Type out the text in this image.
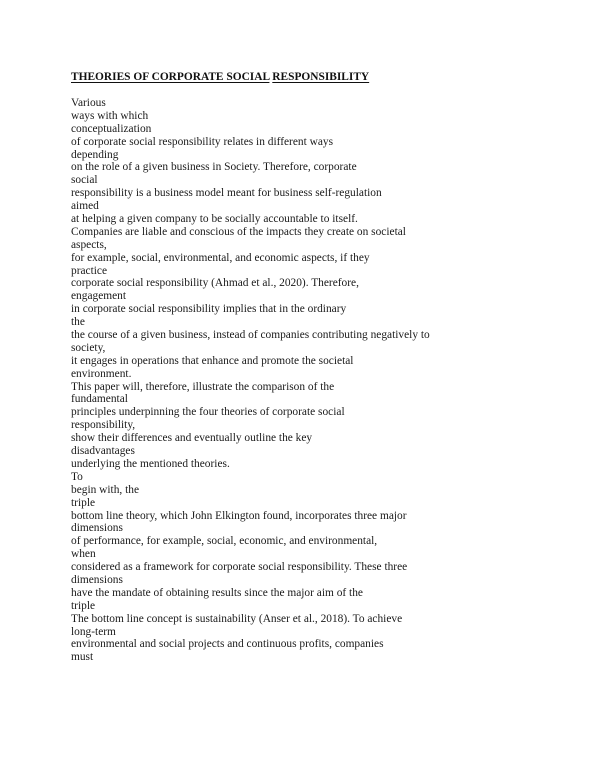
THEORIES OF CORPORATE SOCIAL RESPONSIBILITY
Various
ways with which
conceptualization
of corporate social responsibility relates in different ways
depending
on the role of a given business in Society. Therefore, corporate
social
responsibility is a business model meant for business self-regulation
aimed
at helping a given company to be socially accountable to itself.
Companies are liable and conscious of the impacts they create on societal
aspects,
for example, social, environmental, and economic aspects, if they
practice
corporate social responsibility (Ahmad et al., 2020). Therefore,
engagement
in corporate social responsibility implies that in the ordinary
the
the course of a given business, instead of companies contributing negatively to
society,
it engages in operations that enhance and promote the societal
environment.
This paper will, therefore, illustrate the comparison of the
fundamental
principles underpinning the four theories of corporate social
responsibility,
show their differences and eventually outline the key
disadvantages
underlying the mentioned theories.
To
begin with, the
triple
bottom line theory, which John Elkington found, incorporates three major
dimensions
of performance, for example, social, economic, and environmental,
when
considered as a framework for corporate social responsibility. These three
dimensions
have the mandate of obtaining results since the major aim of the
triple
The bottom line concept is sustainability (Anser et al., 2018). To achieve
long-term
environmental and social projects and continuous profits, companies
must
